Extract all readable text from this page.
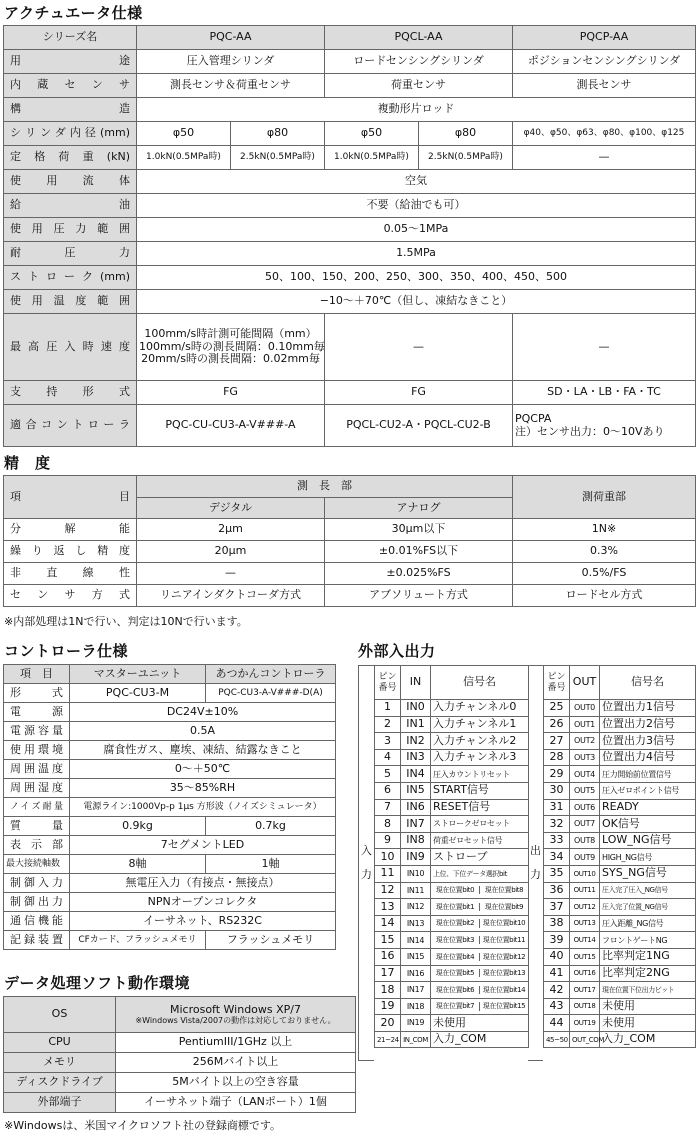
アクチュエータ仕様
シリーズ名	PQC-AA		PQCL-AA		PQCP-AA
用途	圧入管理シリンダ		ロードセンシングシリンダ		ポジションセンシングシリンダ
内蔵センサ	測長センサ＆荷重センサ		荷重センサ		測長センサ
構造	複動形片ロッド				
シリンダ内径(mm)	φ50	φ80	φ50	φ80	φ40、φ50、φ63、φ80、φ100、φ125
定格荷重(kN)	1.0kN(0.5MPa時)	2.5kN(0.5MPa時)	1.0kN(0.5MPa時)	2.5kN(0.5MPa時)	—
使用流体	空気				
給油	不要（給油でも可）				
使用圧力範囲	0.05～1MPa				
耐圧力	1.5MPa				
ストローク(mm)	50、100、150、200、250、300、350、400、450、500				
使用温度範囲	−10～＋70℃（但し、凍結なきこと）				
最高圧入時速度	100mm/s時計測可能間隔（mm）
100mm/s時の測長間隔：0.10mm毎
20mm/s時の測長間隔：0.02mm毎		—		—
支持形式	FG		FG		SD・LA・LB・FA・TC
適合コントローラ	PQC-CU-CU3-A-V###-A		PQCL-CU2-A・PQCL-CU2-B		PQCPA
注）センサ出力：0～10Vあり
精　度
項 目	測　長　部		測荷重部
	デジタル	アナログ	
分解能	2μm	30μm以下	1N※
繰り返し精度	20μm	±0.01%FS以下	0.3%
非直線性	—	±0.025%FS	0.5%/FS
センサ方式	リニアインダクトコーダ方式	アブソリュート方式	ロードセル方式
※内部処理は1Nで行い、判定は10Nで行います。
コントローラ仕様
項　目	マスターユニット	あつかんコントローラ
形式	PQC-CU3-M	PQC-CU3-A-V###-D(A)
電源	DC24V±10%	
電源容量	0.5A	
使用環境	腐食性ガス、塵埃、凍結、結露なきこと	
周囲温度	0～＋50℃	
周囲湿度	35～85%RH	
ノイズ耐量	電源ライン:1000Vp-p 1μs 方形波（ノイズシミュレータ）	
質量	0.9kg	0.7kg
表示部	7セグメントLED	
最大接続軸数	8軸	1軸
制御入力	無電圧入力（有接点・無接点）	
制御出力	NPNオープンコレクタ	
通信機能	イーサネット、RS232C	
記録装置	CFカード、フラッシュメモリ	フラッシュメモリ
データ処理ソフト動作環境
OS	Microsoft Windows XP/7
※Windows Vista/2007の動作は対応しておりません。

CPU	PentiumIII/1GHz 以上
メモリ	256Mバイト以上
ディスクドライブ	5Mバイト以上の空き容量
外部端子	イーサネット端子（LANポート）1個
※Windowsは、米国マイクロソフト社の登録商標です。
外部入出力
ピン番号	IN	信号名
1	IN0	入力チャンネル0
2	IN1	入力チャンネル1
3	IN2	入力チャンネル2
4	IN3	入力チャンネル3
5	IN4	圧入カウントリセット
6	IN5	START信号
7	IN6	RESET信号
8	IN7	ストロークゼロセット
9	IN8	荷重ゼロセット信号
10	IN9	ストローブ
11	IN10	上位、下位データ選択bit
12	IN11	現在位置bit0 現在位置bit8

13	IN12	現在位置bit1 現在位置bit9

14	IN13	現在位置bit2 現在位置bit10

15	IN14	現在位置bit3 現在位置bit11

16	IN15	現在位置bit4 現在位置bit12

17	IN16	現在位置bit5 現在位置bit13

18	IN17	現在位置bit6 現在位置bit14

19	IN18	現在位置bit7 現在位置bit15

20	IN19	未使用
21~24	IN_COM	入力_COM
ピン番号	OUT	信号名
25	OUT0	位置出力1信号
26	OUT1	位置出力2信号
27	OUT2	位置出力3信号
28	OUT3	位置出力4信号
29	OUT4	圧力開始前位置信号
30	OUT5	圧入ゼロポイント信号
31	OUT6	READY
32	OUT7	OK信号
33	OUT8	LOW_NG信号
34	OUT9	HIGH_NG信号
35	OUT10	SYS_NG信号
36	OUT11	圧入完了圧入_NG信号
37	OUT12	圧入完了位置_NG信号
38	OUT13	圧入距離_NG信号
39	OUT14	フロントゲートNG
40	OUT15	比率判定1NG
41	OUT16	比率判定2NG
42	OUT17	現在位置下位出力ビット
43	OUT18	未使用
44	OUT19	未使用
45~50	OUT_COM	入力_COM
入力
出力
